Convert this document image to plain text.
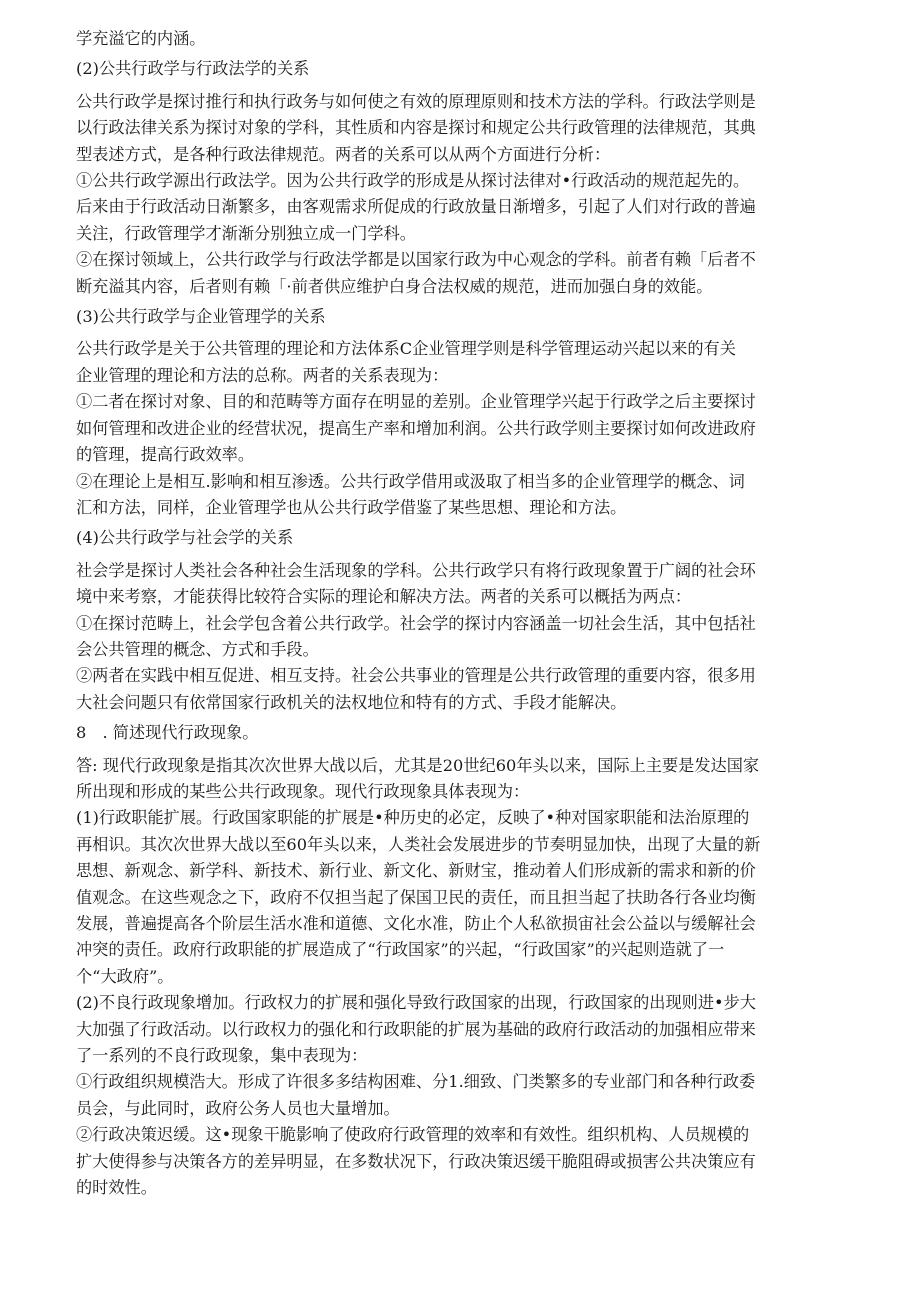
学充溢它的内涵。
(2)公共行政学与行政法学的关系
公共行政学是探讨推行和执行政务与如何使之有效的原理原则和技术方法的学科。行政法学则是
以行政法律关系为探讨对象的学科，其性质和内容是探讨和规定公共行政管理的法律规范，其典
型表述方式，是各种行政法律规范。两者的关系可以从两个方面进行分析：
①公共行政学源出行政法学。因为公共行政学的形成是从探讨法律对•行政活动的规范起先的。
后来由于行政活动日渐繁多，由客观需求所促成的行政放量日渐增多，引起了人们对行政的普遍
关注，行政管理学才渐渐分别独立成一门学科。
②在探讨领域上，公共行政学与行政法学都是以国家行政为中心观念的学科。前者有赖「后者不
断充溢其内容，后者则有赖「·前者供应维护白身合法权威的规范，进而加强白身的效能。
(3)公共行政学与企业管理学的关系
公共行政学是关于公共管理的理论和方法体系C企业管理学则是科学管理运动兴起以来的有关
企业管理的理论和方法的总称。两者的关系表现为：
①二者在探讨对象、目的和范畴等方面存在明显的差别。企业管理学兴起于行政学之后主要探讨
如何管理和改进企业的经营状况，提高生产率和增加利润。公共行政学则主要探讨如何改进政府
的管理，提高行政效率。
②在理论上是相互.影响和相互渗透。公共行政学借用或汲取了相当多的企业管理学的概念、词
汇和方法，同样，企业管理学也从公共行政学借鉴了某些思想、理论和方法。
(4)公共行政学与社会学的关系
社会学是探讨人类社会各种社会生活现象的学科。公共行政学只有将行政现象置于广阔的社会环
境中来考察，才能获得比较符合实际的理论和解决方法。两者的关系可以概括为两点：
①在探讨范畴上，社会学包含着公共行政学。社会学的探讨内容涵盖一切社会生活，其中包括社
会公共管理的概念、方式和手段。
②两者在实践中相互促进、相互支持。社会公共事业的管理是公共行政管理的重要内容，很多用
大社会问题只有依常国家行政机关的法权地位和特有的方式、手段才能解决。
8　. 简述现代行政现象。
答: 现代行政现象是指其次次世界大战以后，尤其是20世纪60年头以来，国际上主要是发达国家
所出现和形成的某些公共行政现象。现代行政现象具体表现为：
(1)行政职能扩展。行政国家职能的扩展是•种历史的必定，反映了•种对国家职能和法治原理的
再相识。其次次世界大战以至60年头以来，人类社会发展进步的节奏明显加快，出现了大量的新
思想、新观念、新学科、新技术、新行业、新文化、新财宝，推动着人们形成新的需求和新的价
值观念。在这些观念之下，政府不仅担当起了保国卫民的责任，而且担当起了扶助各行各业均衡
发展，普遍提高各个阶层生活水准和道德、文化水准，防止个人私欲损宙社会公益以与缓解社会
冲突的责任。政府行政职能的扩展造成了“行政国家”的兴起，“行政国家”的兴起则造就了一
个“大政府”。
(2)不良行政现象增加。行政权力的扩展和强化导致行政国家的出现，行政国家的出现则进•步大
大加强了行政活动。以行政权力的强化和行政职能的扩展为基础的政府行政活动的加强相应带来
了一系列的不良行政现象，集中表现为：
①行政组织规模浩大。形成了许很多多结构困难、分1.细致、门类繁多的专业部门和各种行政委
员会，与此同时，政府公务人员也大量增加。
②行政决策迟缓。这•现象干脆影响了使政府行政管理的效率和有效性。组织机构、人员规模的
扩大使得参与决策各方的差异明显，在多数状况下，行政决策迟缓干脆阻碍或损害公共决策应有
的时效性。
